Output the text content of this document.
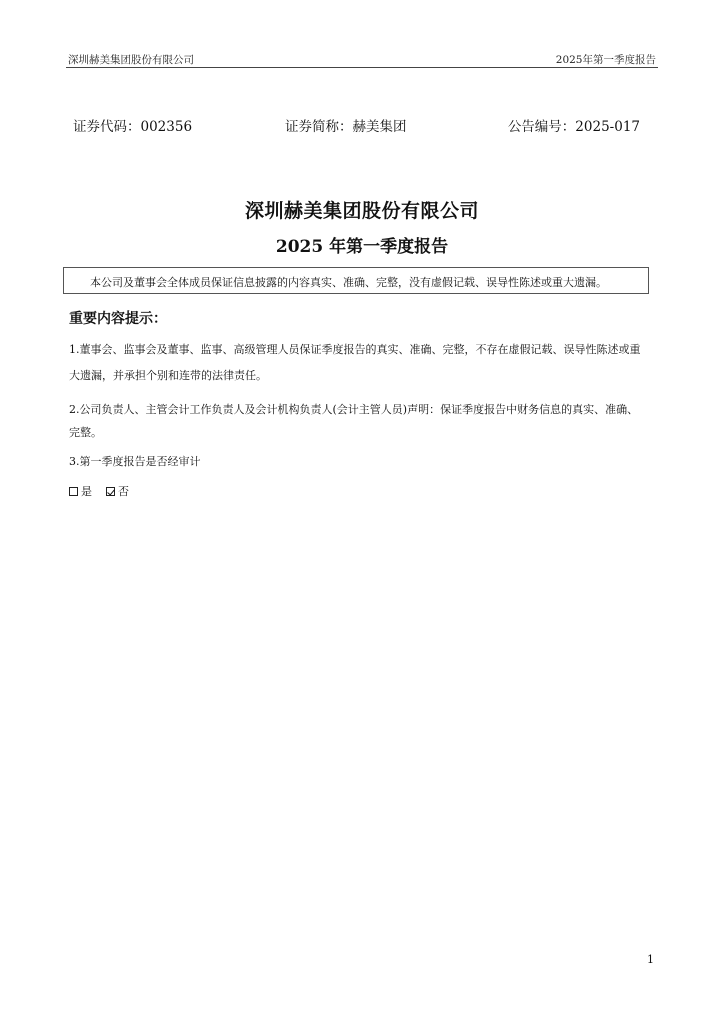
深圳赫美集团股份有限公司	2025年第一季度报告
证券代码：002356	证券简称：赫美集团	公告编号：2025-017
深圳赫美集团股份有限公司
2025 年第一季度报告
本公司及董事会全体成员保证信息披露的内容真实、准确、完整，没有虚假记载、误导性陈述或重大遗漏。
重要内容提示：
1.董事会、监事会及董事、监事、高级管理人员保证季度报告的真实、准确、完整，不存在虚假记载、误导性陈述或重
大遗漏，并承担个别和连带的法律责任。
2.公司负责人、主管会计工作负责人及会计机构负责人(会计主管人员)声明：保证季度报告中财务信息的真实、准确、
完整。
3.第一季度报告是否经审计
是 否
1
